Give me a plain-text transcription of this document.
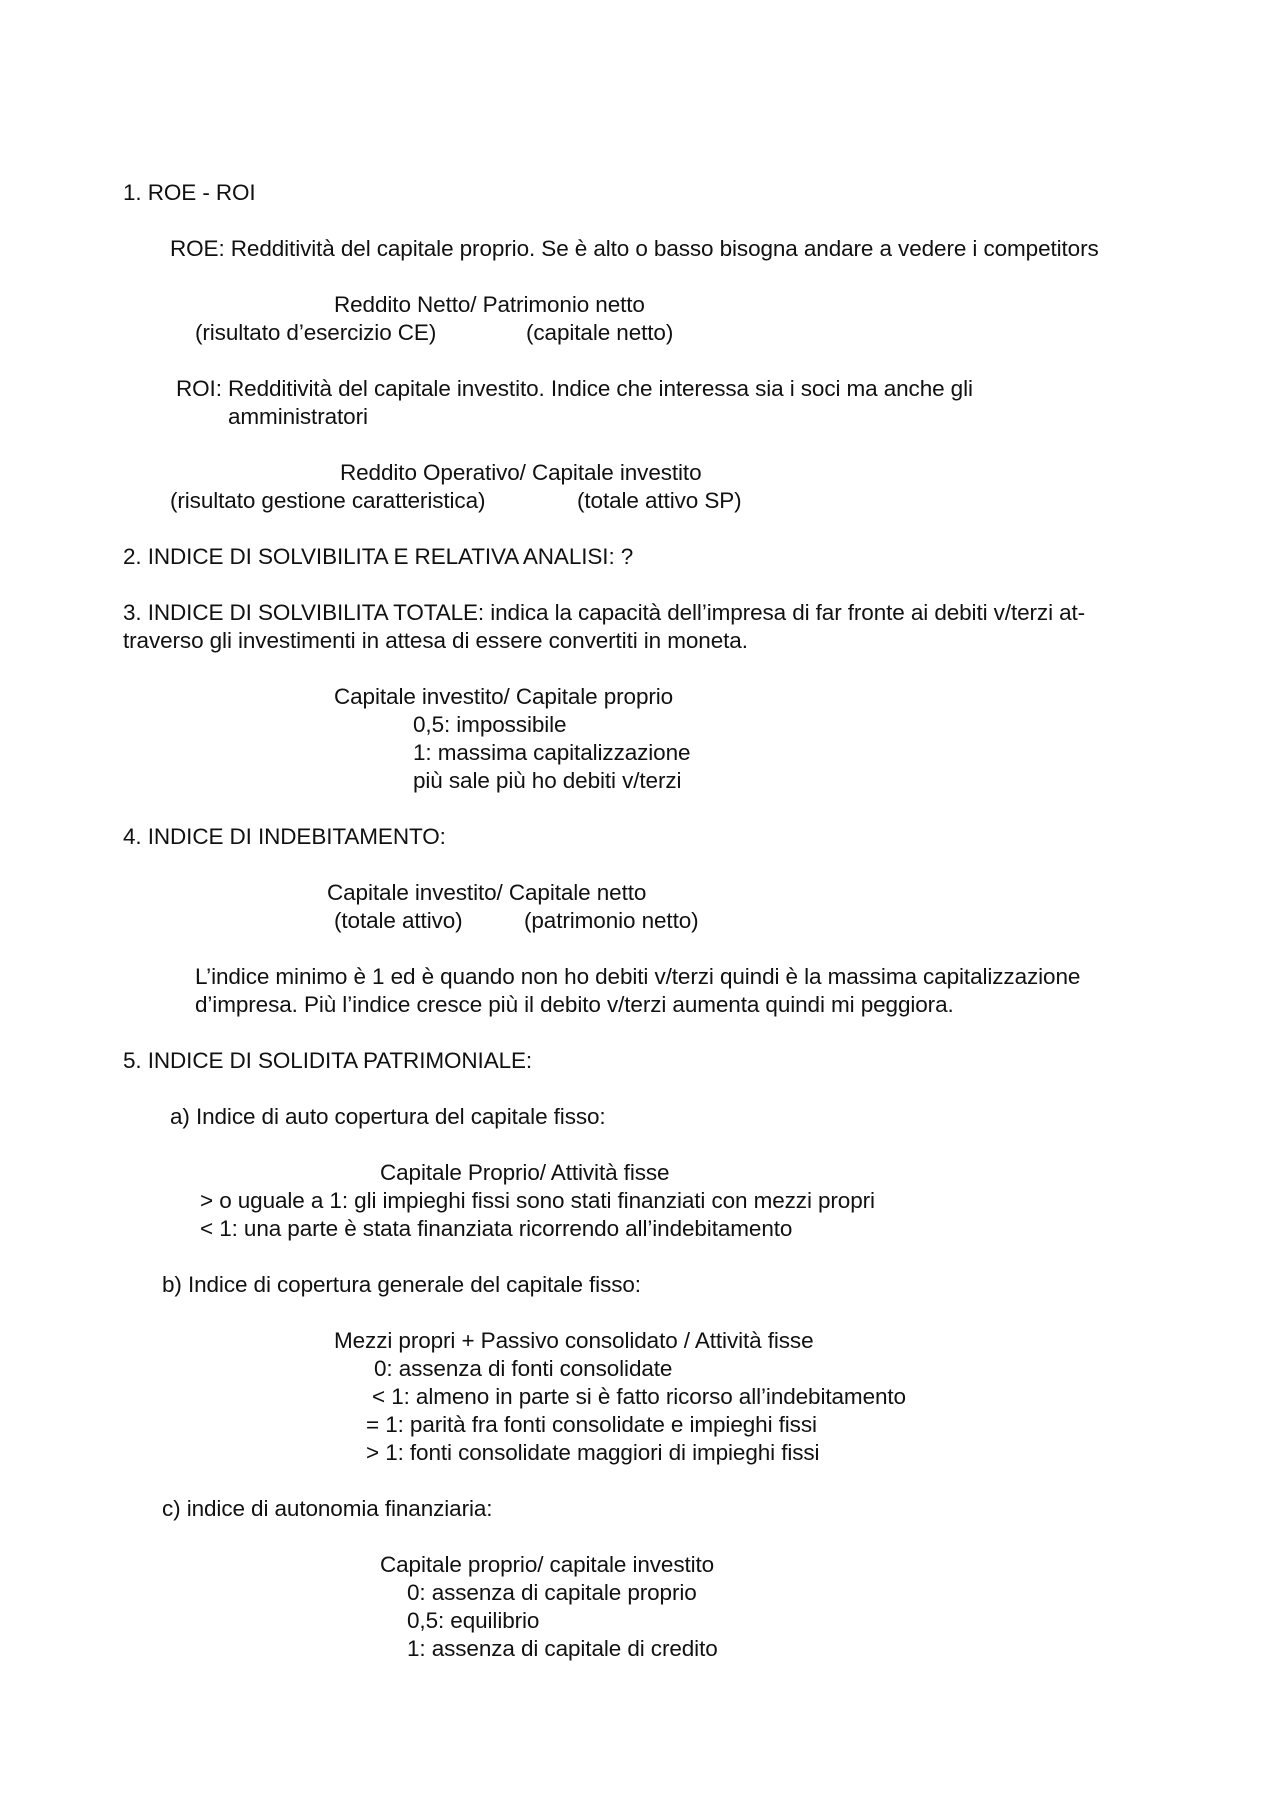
1. ROE - ROI
ROE: Redditività del capitale proprio. Se è alto o basso bisogna andare a vedere i competitors
Reddito Netto/ Patrimonio netto
(risultato d’esercizio CE)	(capitale netto)
ROI: Redditività del capitale investito. Indice che interessa sia i soci ma anche gli
amministratori
Reddito Operativo/ Capitale investito
(risultato gestione caratteristica)	(totale attivo SP)
2. INDICE DI SOLVIBILITA E RELATIVA ANALISI: ?
3. INDICE DI SOLVIBILITA TOTALE: indica la capacità dell’impresa di far fronte ai debiti v/terzi at-
traverso gli investimenti in attesa di essere convertiti in moneta.
Capitale investito/ Capitale proprio
0,5: impossibile
1: massima capitalizzazione
più sale più ho debiti v/terzi
4. INDICE DI INDEBITAMENTO:
Capitale investito/ Capitale netto
(totale attivo)	(patrimonio netto)
L’indice minimo è 1 ed è quando non ho debiti v/terzi quindi è la massima capitalizzazione
d’impresa. Più l’indice cresce più il debito v/terzi aumenta quindi mi peggiora.
5. INDICE DI SOLIDITA PATRIMONIALE:
a) Indice di auto copertura del capitale fisso:
Capitale Proprio/ Attività fisse
> o uguale a 1: gli impieghi fissi sono stati finanziati con mezzi propri
< 1: una parte è stata finanziata ricorrendo all’indebitamento
b) Indice di copertura generale del capitale fisso:
Mezzi propri + Passivo consolidato / Attività fisse
0: assenza di fonti consolidate
< 1: almeno in parte si è fatto ricorso all’indebitamento
= 1: parità fra fonti consolidate e impieghi fissi
> 1: fonti consolidate maggiori di impieghi fissi
c) indice di autonomia finanziaria:
Capitale proprio/ capitale investito
0: assenza di capitale proprio
0,5: equilibrio
1: assenza di capitale di credito
